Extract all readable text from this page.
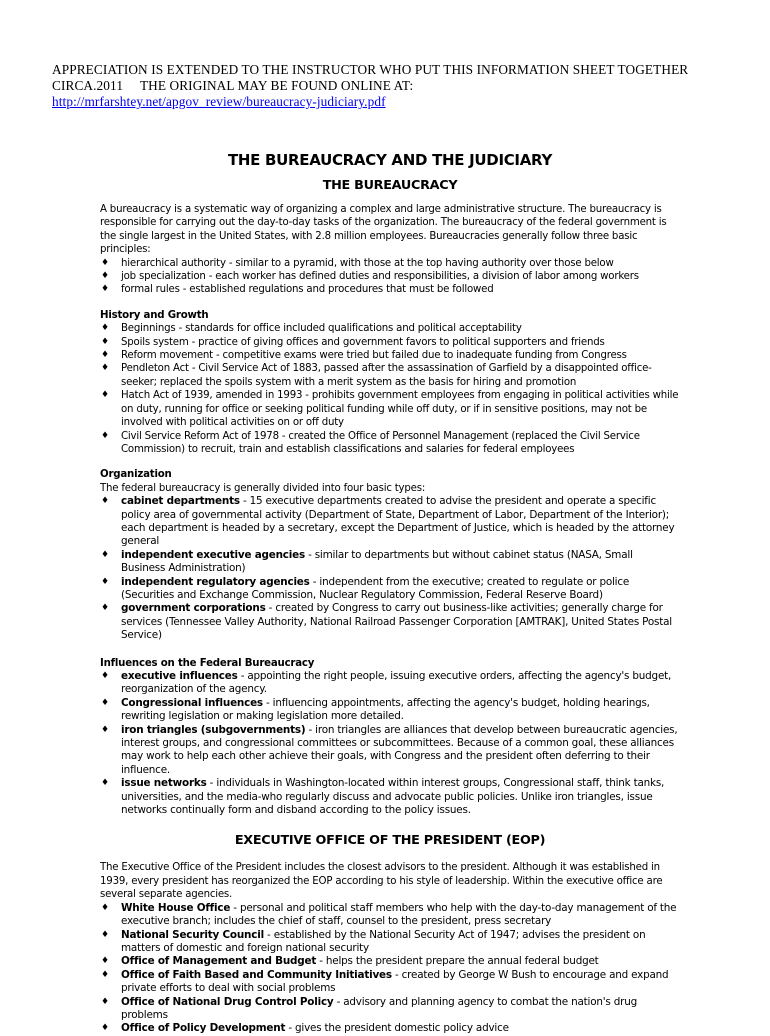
APPRECIATION IS EXTENDED TO THE INSTRUCTOR WHO PUT THIS INFORMATION SHEET TOGETHER
CIRCA.2011     THE ORIGINAL MAY BE FOUND ONLINE AT:
http://mrfarshtey.net/apgov_review/bureaucracy-judiciary.pdf
THE BUREAUCRACY AND THE JUDICIARY
THE BUREAUCRACY

A bureaucracy is a systematic way of organizing a complex and large administrative structure. The bureaucracy is responsible for carrying out the day-to-day tasks of the organization. The bureaucracy of the federal government is the single largest in the United States, with 2.8 million employees. Bureaucracies generally follow three basic principles:

♦ hierarchical authority - similar to a pyramid, with those at the top having authority over those below
♦ job specialization - each worker has defined duties and responsibilities, a division of labor among workers
♦ formal rules - established regulations and procedures that must be followed
History and Growth
♦ Beginnings - standards for office included qualifications and political acceptability
♦ Spoils system - practice of giving offices and government favors to political supporters and friends
♦ Reform movement - competitive exams were tried but failed due to inadequate funding from Congress
♦ Pendleton Act - Civil Service Act of 1883, passed after the assassination of Garfield by a disappointed office-seeker; replaced the spoils system with a merit system as the basis for hiring and promotion
♦ Hatch Act of 1939, amended in 1993 - prohibits government employees from engaging in political activities while on duty, running for office or seeking political funding while off duty, or if in sensitive positions, may not be involved with political activities on or off duty
♦ Civil Service Reform Act of 1978 - created the Office of Personnel Management (replaced the Civil Service Commission) to recruit, train and establish classifications and salaries for federal employees
Organization

The federal bureaucracy is generally divided into four basic types:

♦ cabinet departments - 15 executive departments created to advise the president and operate a specific policy area of governmental activity (Department of State, Department of Labor, Department of the Interior); each department is headed by a secretary, except the Department of Justice, which is headed by the attorney general
♦ independent executive agencies - similar to departments but without cabinet status (NASA, Small Business Administration)
♦ independent regulatory agencies - independent from the executive; created to regulate or police (Securities and Exchange Commission, Nuclear Regulatory Commission, Federal Reserve Board)
♦ government corporations - created by Congress to carry out business-like activities; generally charge for services (Tennessee Valley Authority, National Railroad Passenger Corporation [AMTRAK], United States Postal Service)
Influences on the Federal Bureaucracy
♦ executive influences - appointing the right people, issuing executive orders, affecting the agency's budget, reorganization of the agency.
♦ Congressional influences - influencing appointments, affecting the agency's budget, holding hearings, rewriting legislation or making legislation more detailed.
♦ iron triangles (subgovernments) - iron triangles are alliances that develop between bureaucratic agencies, interest groups, and congressional committees or subcommittees. Because of a common goal, these alliances may work to help each other achieve their goals, with Congress and the president often deferring to their influence.
♦ issue networks - individuals in Washington-located within interest groups, Congressional staff, think tanks, universities, and the media-who regularly discuss and advocate public policies. Unlike iron triangles, issue networks continually form and disband according to the policy issues.
EXECUTIVE OFFICE OF THE PRESIDENT (EOP)

The Executive Office of the President includes the closest advisors to the president. Although it was established in 1939, every president has reorganized the EOP according to his style of leadership. Within the executive office are several separate agencies.

♦ White House Office - personal and political staff members who help with the day-to-day management of the executive branch; includes the chief of staff, counsel to the president, press secretary
♦ National Security Council - established by the National Security Act of 1947; advises the president on matters of domestic and foreign national security
♦ Office of Management and Budget - helps the president prepare the annual federal budget
♦ Office of Faith Based and Community Initiatives - created by George W Bush to encourage and expand private efforts to deal with social problems
♦ Office of National Drug Control Policy - advisory and planning agency to combat the nation's drug problems
♦ Office of Policy Development - gives the president domestic policy advice
